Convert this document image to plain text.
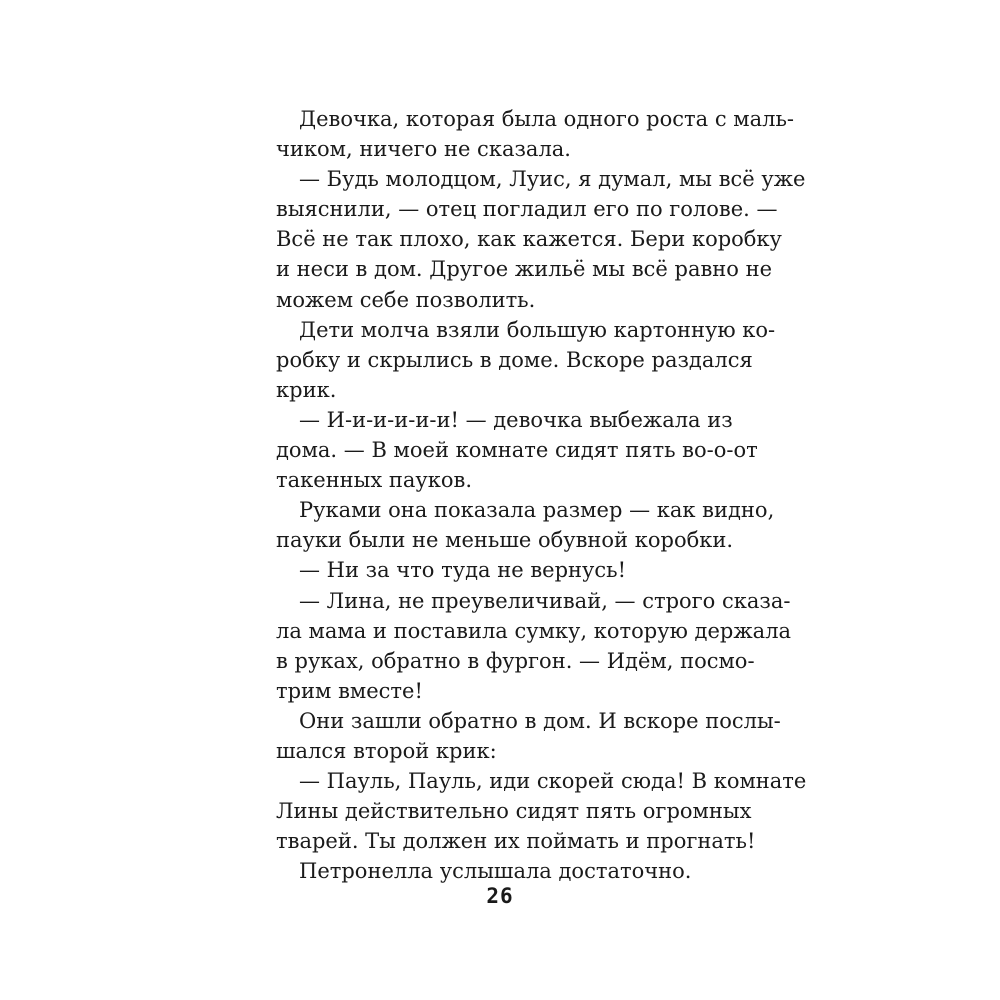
Девочка, которая была одного роста с маль-
чиком, ничего не сказала.
— Будь молодцом, Луис, я думал, мы всё уже
выяснили, — отец погладил его по голове. —
Всё не так плохо, как кажется. Бери коробку
и неси в дом. Другое жильё мы всё равно не
можем себе позволить.
Дети молча взяли большую картонную ко-
робку и скрылись в доме. Вскоре раздался
крик.
— И-и-и-и-и-и! — девочка выбежала из
дома. — В моей комнате сидят пять во-о-от
такенных пауков.
Руками она показала размер — как видно,
пауки были не меньше обувной коробки.
— Ни за что туда не вернусь!
— Лина, не преувеличивай, — строго сказа-
ла мама и поставила сумку, которую держала
в руках, обратно в фургон. — Идём, посмо-
трим вместе!
Они зашли обратно в дом. И вскоре послы-
шался второй крик:
— Пауль, Пауль, иди скорей сюда! В комнате
Лины действительно сидят пять огромных
тварей. Ты должен их поймать и прогнать!
Петронелла услышала достаточно.
26
